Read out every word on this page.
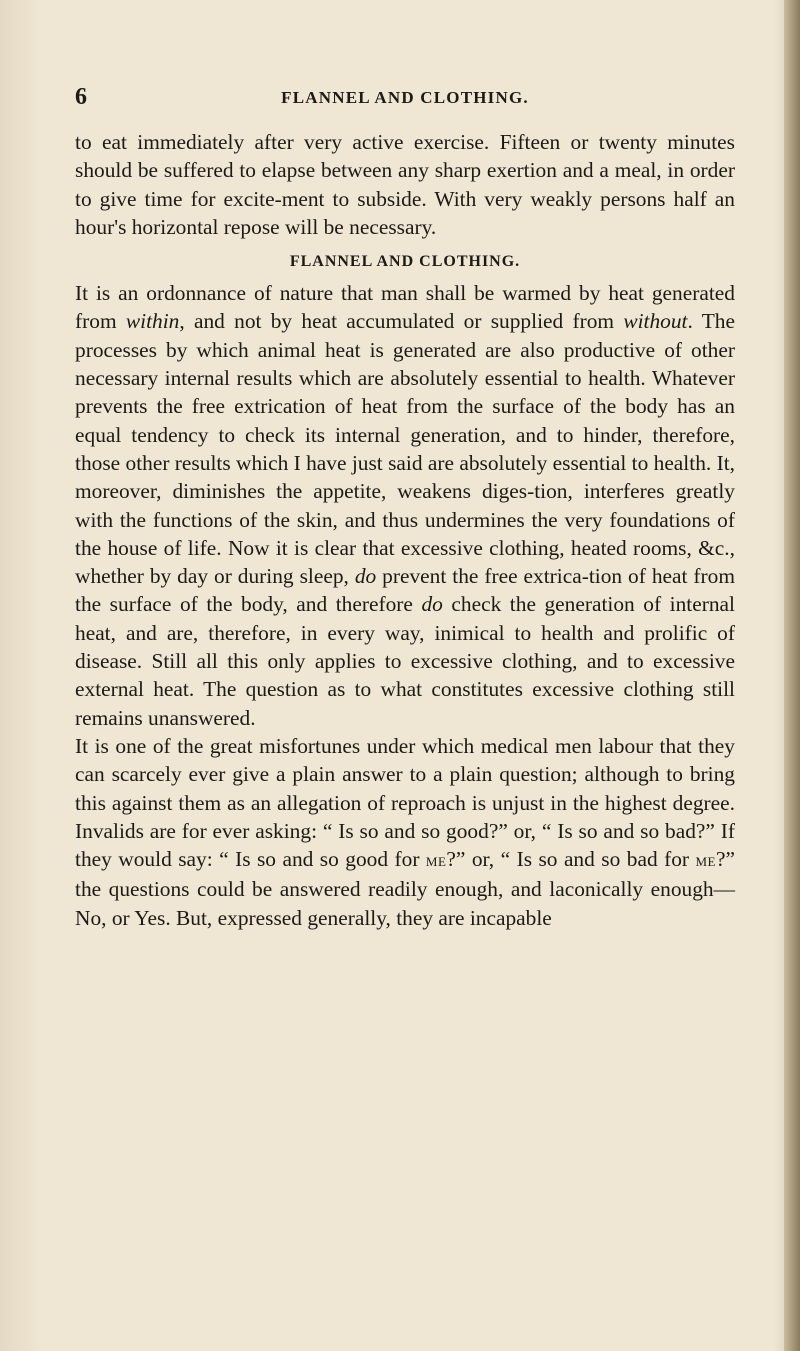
6	FLANNEL AND CLOTHING.

to eat immediately after very active exercise. Fifteen or twenty minutes should be suffered to elapse between any sharp exertion and a meal, in order to give time for excite-ment to subside. With very weakly persons half an hour's horizontal repose will be necessary.

FLANNEL AND CLOTHING.

It is an ordonnance of nature that man shall be warmed by heat generated from within, and not by heat accumulated or supplied from without. The processes by which animal heat is generated are also productive of other necessary internal results which are absolutely essential to health. Whatever prevents the free extrication of heat from the surface of the body has an equal tendency to check its internal generation, and to hinder, therefore, those other results which I have just said are absolutely essential to health. It, moreover, diminishes the appetite, weakens diges-tion, interferes greatly with the functions of the skin, and thus undermines the very foundations of the house of life. Now it is clear that excessive clothing, heated rooms, &c., whether by day or during sleep, do prevent the free extrica-tion of heat from the surface of the body, and therefore do check the generation of internal heat, and are, therefore, in every way, inimical to health and prolific of disease. Still all this only applies to excessive clothing, and to excessive external heat. The question as to what constitutes excessive clothing still remains unanswered.

It is one of the great misfortunes under which medical men labour that they can scarcely ever give a plain answer to a plain question; although to bring this against them as an allegation of reproach is unjust in the highest degree. Invalids are for ever asking: “ Is so and so good?” or, “ Is so and so bad?” If they would say: “ Is so and so good for me?” or, “ Is so and so bad for me?” the questions could be answered readily enough, and laconically enough—No, or Yes. But, expressed generally, they are incapable
